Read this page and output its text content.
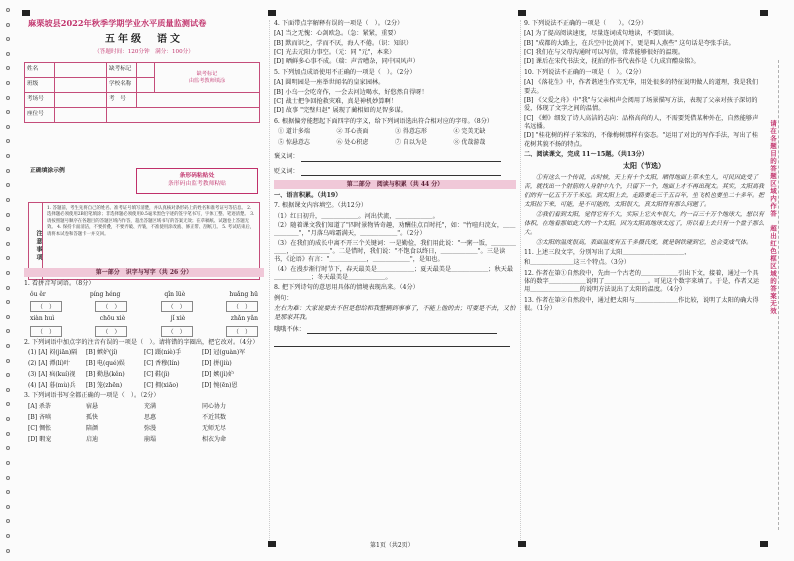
麻栗坡县2022年秋季学期学业水平质量监测试卷
五年级　 语文
（答题时间：120分钟　满分：100分）
姓名		缺考标记		缺考标记
由监考教师填涂
班级		学校名称		
考场号		考　号		
座位号				
正确填涂示例
条形码粘贴处
条形码由监考教师粘贴
注意事项
1. 答题前，考生先将自己的姓名、准考证号填写清楚，并认真核对条形码上的姓名和准考证号等信息。 2. 选择题必须使用2B铅笔填涂；非选择题必须使用0.5毫米黑色字迹的签字笔书写，字体工整、笔迹清楚。 3. 请按照题号顺序在各题目的答题区域内作答，超出答题区域书写的答案无效；在草稿纸、试题卷上答题无效。 4. 保持卡面清洁，不要折叠，不要弄破、弄皱，不准使用涂改液、修正带、刮纸刀。 5. 考试结束后，请将本试卷和答题卡一并交回。
第一部分　识字与写字（共 26 分）
1. 看拼音写词语。（8分）
ǒu ěr	píng héng	qǐn lüè	huǎng hū
（　）	（　）	（　）	（　）
xiàn huì	chōu xiè	jǐ xiè	zhǎn yǎn
（　）	（　）	（　）	（　）
2. 下列词语中加点字的注音有误的一项是（　）。请将错的字圈出，把它改对。（4分）
(1) [A] 闷(jiān)隔	[B] 嫉妒(jí)	[C] 蹑(niè)手	[D] 冠(guàn)军
(2) [A] 潭(lí)叶	[B] 电(qué)娱	[C] 香穆(lín)	[D] 拼(jiù)
(3) [A] 疯(kuí)视	[B] 勤恳(kěn)	[C] 鞋(jì)	[D] 嫉(jì)妒
(4) [A] 暮(mù)兵	[B] 笼(zhēn)	[C] 拥(xiāo)	[D] 惋(ēn)恩
3. 下列词语书写全都正确的一项是（　）。（2分）
[A] 杀荼	宿悬	充满	同心协力
[B] 吝嗔	孤快	思惠	不近其数
[C] 惆怅	陪颜	弥漫	无师无尽
[D] 暇宠	启迪	崩塌	相衣为命
4. 下面带点字解释有误的一项是（　）。（2分）
[A] 当之无愧：心剑欧急。（急：紧紧，重要）
[B] 默而识之，学而不厌，海人不倦。（识：知识）
[C] 光去元阳力事空。（元：同 "元"，本来）
[D] 晒鲜多心事不成。（瑞：声音嘈杂，同中国风声）
5. 下列加点成语使用不正确的一项是（　）。（2分）
[A] 圆明园是一座举世闻名的皇家园林。
[B] 小乌一会吃奇作，一会去河边喝水，好悠然自得呀！
[C] 战士把争回抢救灾难，真是神机妙算啊！
[D] 故事 "完璧归赵" 展现了蔺相如的足智多谋。
6. 根据偏旁能想起下面四字的字义，给下列词语选出符合相对应的字母。（8分）
① 道计多端	② 耳心丧面	③ 得意忘形	④ 完美无缺
⑤ 惊悬意志	⑥ 处心积虑	⑦ 自以为是	⑧ 优哉游哉
褒义词：
贬义词：
第二部分　阅读与积累（共 44 分）
一、语言积累。（共19）
7. 根据课文内容填空。（共12分）
（1）红日初升，＿＿＿＿＿＿。河出伏流，＿＿＿＿＿＿。
（2）随着课文我们知道了"四时景物皆奇趣，劝酬佳点百时托"，如："竹喧归浣女，＿＿＿＿＿＿"，"月落乌啼霜满天，＿＿＿＿＿＿"。（2分）
（3）在我们的成长中离不开三个关键词：一是勤俭，我们用此说："一粥一饭，＿＿＿＿＿＿，＿＿＿＿＿＿"。二是惜时，我们说："不饱食以终日，＿＿＿＿＿＿"。三是读书，《论语》有言："＿＿＿＿＿＿，＿＿＿＿＿＿"，是知也。
（4）在漫步渐行时节下，春天最美是＿＿＿＿＿＿；夏天最美是＿＿＿＿＿＿；秋天最＿＿＿＿＿＿；冬天最美是＿＿＿＿＿＿。
8. 把下列诗句的意思用具体的情境表现出来。（4分）
例句：
左右为难：大家说要去不但是想给和我整辆到事事了，不能上他的去；可要是不去，又怕是那家其我。
哦哦不休：
9. 下列说法不正确的一项是（　　）。（2分）
[A] 为了提高阅读速度，尽量连词成句地读，不要回读。
[B] "成都的大路上，在兵空中比黄河下，更是叫人燕些" 这句话是夸张手法。
[C] 我们在与父母沟通时可以写信，常常能够很好的温现。
[D] 课后在宋代书法文，抚拍的作书代表作是《九成宫醴泉铭》。
10. 下列说法不正确的一项是（　）。（2分）
[A] 《落花生》中，作者谐述生作实无华，用处很多的特征说明做人的道理，我是我们要去。
[B] 《父爱之舟》中"我"与父亲相声会阅用了场景描写方法，表现了父亲对孩子深切的爱，体现了文字之间的温情。
[C] 《蝉》细发了诗人高洁的志向：品格高尚的人，不需要凭借某种外在，自然能够声名远播。
[D] "桂花树的样子笨笨的，不像梅树那样有姿态。"运用了对比的写作手法，写出了桂花树其貌不扬的特点。
二、阅读课文，完成 11～15题。（共13分）
太阳（节选）

①有这么一个传说，古时候，天上有十个太阳，晒得地面上草木生人，可民因此受了苦，就找出一个射箭的人身射中九个，只留下一个，地面上才不再出现太。其实，太阳离我们的有一亿五千万千米远。到太阳上去，走路要走三千五百年，坐飞机也要坐二十多年。把太阳拉下来，可能，是不可能的，太阳很大，真太阳得有那么问题了。

②我们看到太阳，觉得它有不大，实际上它火车很大，约一百三十万个地球大，想以有体积，在地看那如此大的一个太阳。因为太阳离地球太远了，所以看上去只有一个盘子那么大。

③太阳的温度很高，表面温度有五千多摄氏度，就是钢铁碰到它，也会变成气体。

11. 上述三段文字，分别写出了太阳＿＿＿＿＿＿＿＿＿＿、
和＿＿＿＿＿＿＿这三个特点。（3分）
12. 作者在第①自然段中，先由一个古老的＿＿＿＿＿＿引出下文，接着，通过一个具体的数字＿＿＿＿＿＿说明了＿＿＿＿＿＿＿。可见这个数字来填了。于是，作者又运用＿＿＿＿＿＿＿＿的说明方法说出了太阳的温度。（4分）
13. 作者在第②自然段中，通过把太阳与＿＿＿＿＿＿＿作比较，说明了太阳的确大得很。（1分）	请在各题目的答题区域内作答　超出红色框区域的答案无效
第1页（共2页）
